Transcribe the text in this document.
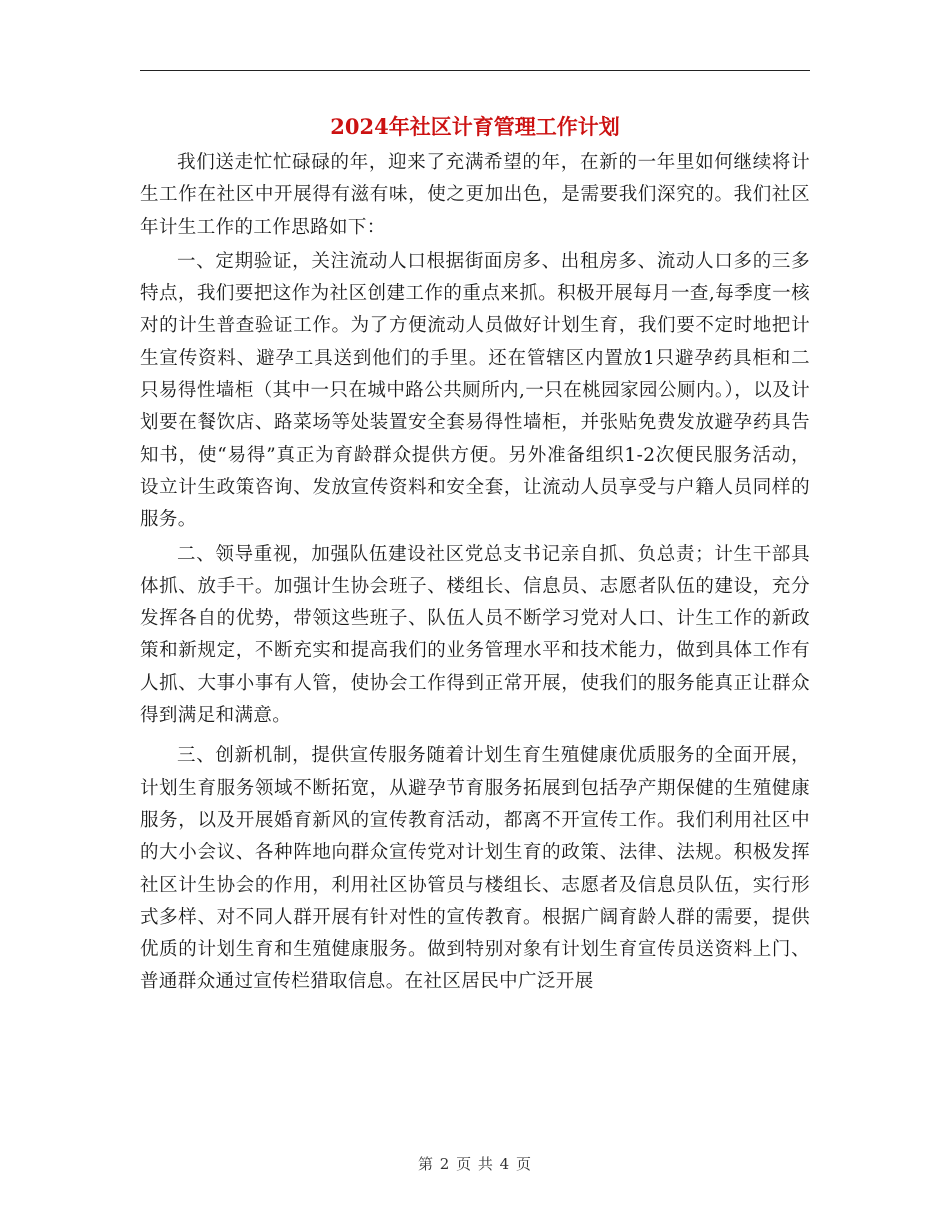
2024年社区计育管理工作计划

我们送走忙忙碌碌的年，迎来了充满希望的年，在新的一年里如何继续将计生工作在社区中开展得有滋有味，使之更加出色，是需要我们深究的。我们社区年计生工作的工作思路如下：

一、定期验证，关注流动人口根据街面房多、出租房多、流动人口多的三多特点，我们要把这作为社区创建工作的重点来抓。积极开展每月一查,每季度一核对的计生普查验证工作。为了方便流动人员做好计划生育，我们要不定时地把计生宣传资料、避孕工具送到他们的手里。还在管辖区内置放1只避孕药具柜和二只易得性墙柜（其中一只在城中路公共厕所内,一只在桃园家园公厕内。），以及计划要在餐饮店、路菜场等处装置安全套易得性墙柜，并张贴免费发放避孕药具告知书，使“易得”真正为育龄群众提供方便。另外准备组织1-2次便民服务活动，设立计生政策咨询、发放宣传资料和安全套，让流动人员享受与户籍人员同样的服务。

二、领导重视，加强队伍建设社区党总支书记亲自抓、负总责；计生干部具体抓、放手干。加强计生协会班子、楼组长、信息员、志愿者队伍的建设，充分发挥各自的优势，带领这些班子、队伍人员不断学习党对人口、计生工作的新政策和新规定，不断充实和提高我们的业务管理水平和技术能力，做到具体工作有人抓、大事小事有人管，使协会工作得到正常开展，使我们的服务能真正让群众得到满足和满意。

三、创新机制，提供宣传服务随着计划生育生殖健康优质服务的全面开展，计划生育服务领域不断拓宽，从避孕节育服务拓展到包括孕产期保健的生殖健康服务，以及开展婚育新风的宣传教育活动，都离不开宣传工作。我们利用社区中的大小会议、各种阵地向群众宣传党对计划生育的政策、法律、法规。积极发挥社区计生协会的作用，利用社区协管员与楼组长、志愿者及信息员队伍，实行形式多样、对不同人群开展有针对性的宣传教育。根据广阔育龄人群的需要，提供优质的计划生育和生殖健康服务。做到特别对象有计划生育宣传员送资料上门、普通群众通过宣传栏猎取信息。在社区居民中广泛开展

第 2 页 共 4 页
